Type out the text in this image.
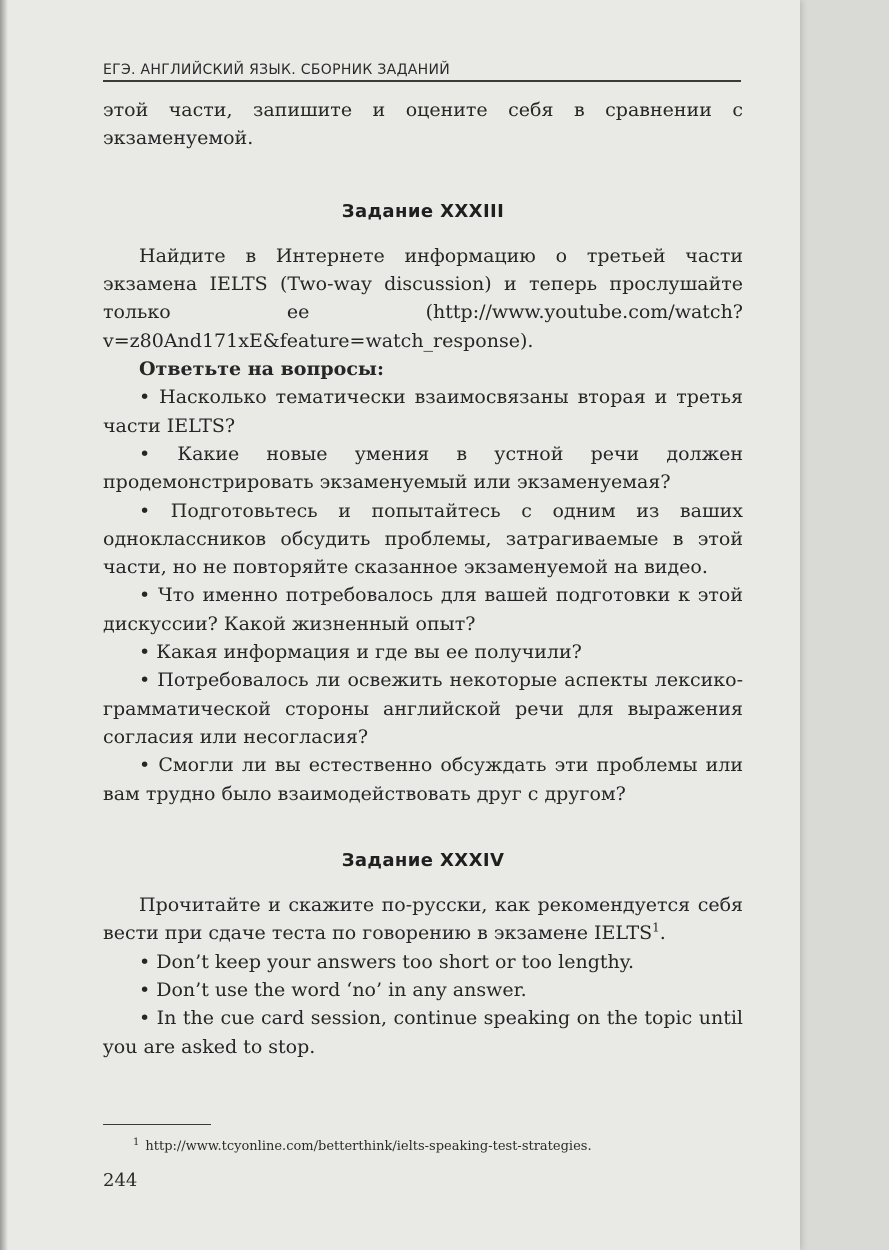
ЕГЭ. АНГЛИЙСКИЙ ЯЗЫК. СБОРНИК ЗАДАНИЙ

этой части, запишите и оцените себя в сравнении с экзаменуемой.

Задание XXXIII

Найдите в Интернете информацию о третьей части экзамена IELTS (Two-way discussion) и теперь прослушайте только ее (http://www.youtube.com/watch?v=z80And171xE&feature=watch_response).

Ответьте на вопросы:

• Насколько тематически взаимосвязаны вторая и третья части IELTS?

• Какие новые умения в устной речи должен продемонстрировать экзаменуемый или экзаменуемая?

• Подготовьтесь и попытайтесь с одним из ваших одноклассников обсудить проблемы, затрагиваемые в этой части, но не повторяйте сказанное экзаменуемой на видео.

• Что именно потребовалось для вашей подготовки к этой дискуссии? Какой жизненный опыт?

• Какая информация и где вы ее получили?

• Потребовалось ли освежить некоторые аспекты лексико-грамматической стороны английской речи для выражения согласия или несогласия?

• Смогли ли вы естественно обсуждать эти проблемы или вам трудно было взаимодействовать друг с другом?

Задание XXXIV

Прочитайте и скажите по-русски, как рекомендуется себя вести при сдаче теста по говорению в экзамене IELTS$^1$.

• Don’t keep your answers too short or too lengthy.

• Don’t use the word ‘no’ in any answer.

• In the cue card session, continue speaking on the topic until you are asked to stop.

$^1$ http://www.tcyonline.com/betterthink/ielts-speaking-test-strategies.
244
